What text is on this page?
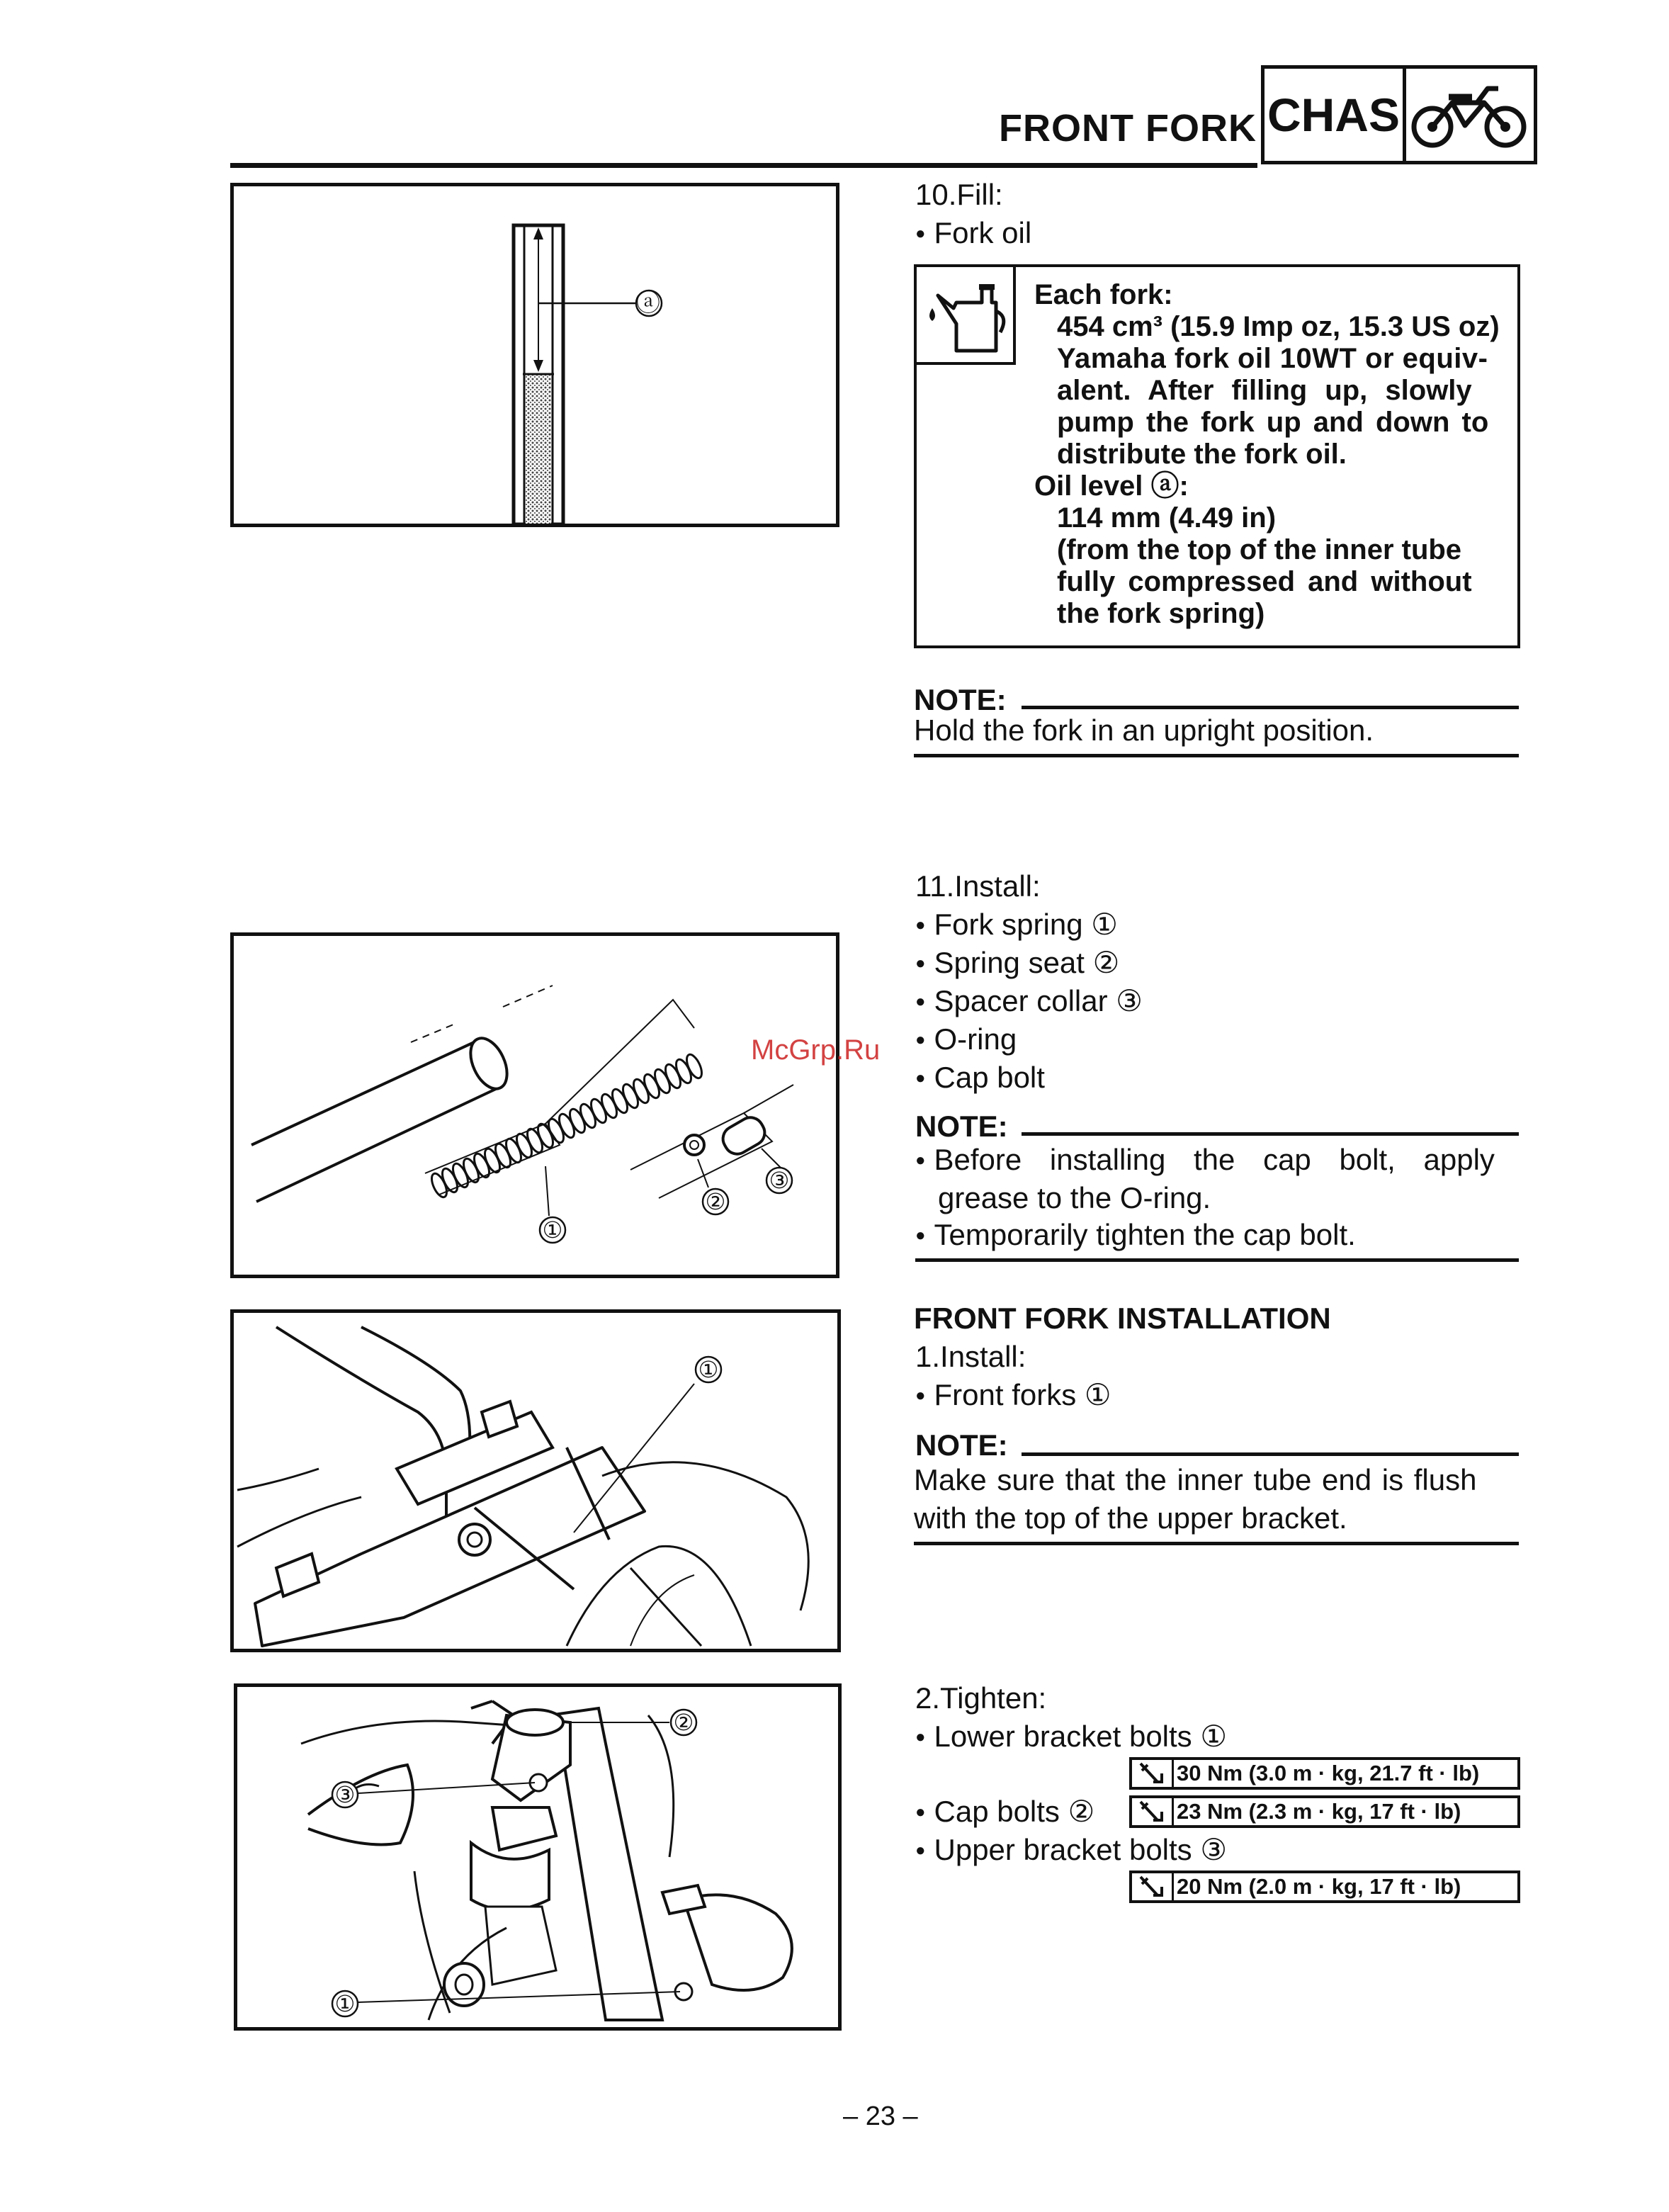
FRONT FORK CHAS
ⓐ
10.Fill:
● Fork oil
Each fork:
454 cm³ (15.9 Imp oz, 15.3 US oz)
Yamaha fork oil 10WT or equiv-
alent. After filling up, slowly
pump the fork up and down to
distribute the fork oil.
Oil level ⓐ:
114 mm (4.49 in)
(from the top of the inner tube
fully compressed and without
the fork spring)
NOTE:
Hold the fork in an upright position.
11.Install:
● Fork spring ①
● Spring seat ②
● Spacer collar ③
● O-ring
● Cap bolt
NOTE:
● Before installing the cap bolt, apply
grease to the O-ring.
● Temporarily tighten the cap bolt.
①
②
③
McGrp.Ru
FRONT FORK INSTALLATION
1.Install:
● Front forks ①
NOTE:
Make sure that the inner tube end is flush
with the top of the upper bracket.
①
2.Tighten:
● Lower bracket bolts ①
30 Nm (3.0 m · kg, 21.7 ft · lb)
● Cap bolts ②	23 Nm (2.3 m · kg, 17 ft · lb)
● Upper bracket bolts ③
20 Nm (2.0 m · kg, 17 ft · lb)
②
③
①
– 23 –
